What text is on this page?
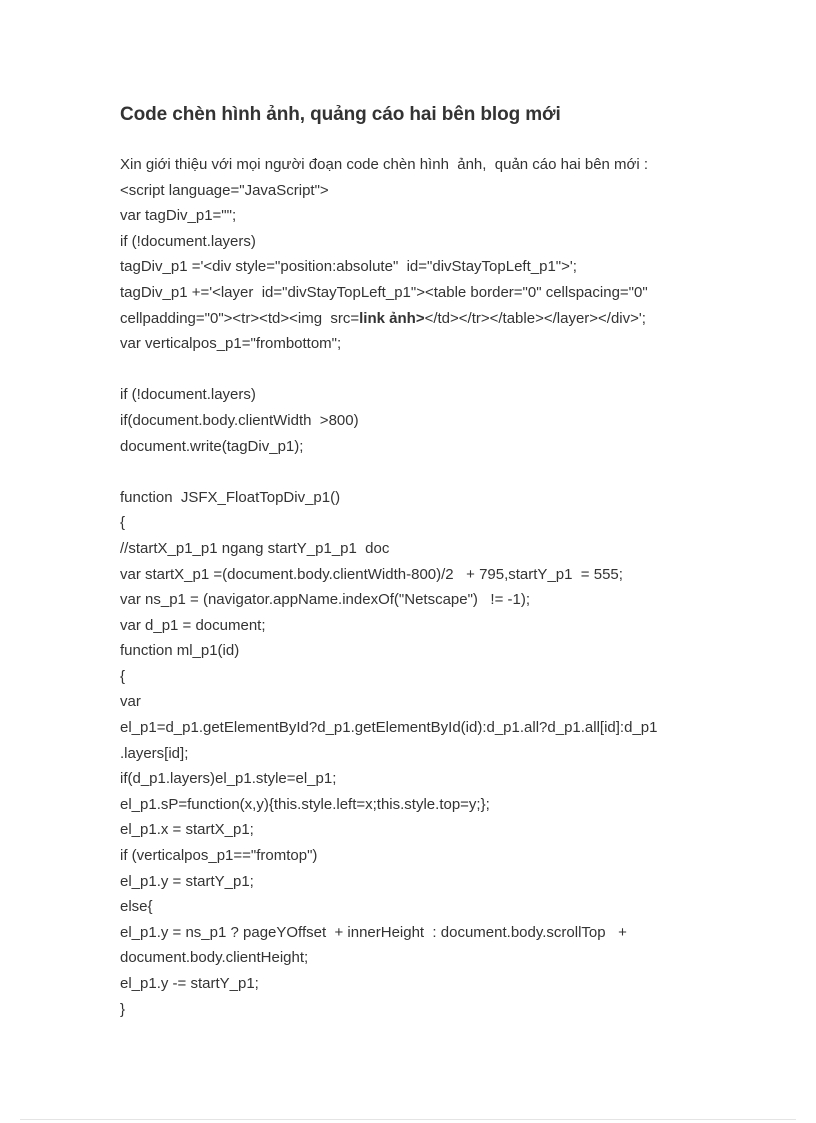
Code chèn hình ảnh, quảng cáo hai bên blog mới
Xin giới thiệu với mọi người đoạn code chèn hình  ảnh,  quản cáo hai bên mới :
<script language="JavaScript">
var tagDiv_p1="";
if (!document.layers)
tagDiv_p1 ='<div style="position:absolute"  id="divStayTopLeft_p1">';
tagDiv_p1 +='<layer  id="divStayTopLeft_p1"><table border="0" cellspacing="0"
cellpadding="0"><tr><td><img  src=link ảnh></td></tr></table></layer></div>';
var verticalpos_p1="frombottom";
if (!document.layers)
if(document.body.clientWidth  >800)
document.write(tagDiv_p1);
function  JSFX_FloatTopDiv_p1()
{
//startX_p1_p1 ngang startY_p1_p1  doc
var startX_p1 =(document.body.clientWidth-800)/2   + 795,startY_p1  = 555;
var ns_p1 = (navigator.appName.indexOf("Netscape")   != -1);
var d_p1 = document;
function ml_p1(id)
{
var
el_p1=d_p1.getElementById?d_p1.getElementById(id):d_p1.all?d_p1.all[id]:d_p1
.layers[id];
if(d_p1.layers)el_p1.style=el_p1;
el_p1.sP=function(x,y){this.style.left=x;this.style.top=y;};
el_p1.x = startX_p1;
if (verticalpos_p1=="fromtop")
el_p1.y = startY_p1;
else{
el_p1.y = ns_p1 ? pageYOffset  + innerHeight  : document.body.scrollTop   +
document.body.clientHeight;
el_p1.y -= startY_p1;
}
